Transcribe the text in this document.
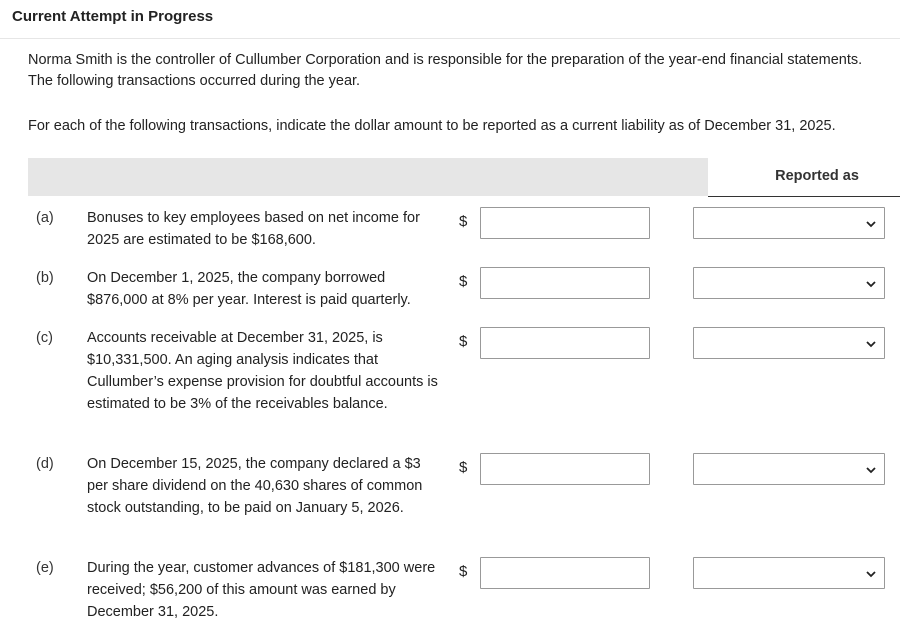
Current Attempt in Progress
Norma Smith is the controller of Cullumber Corporation and is responsible for the preparation of the year-end financial statements. The following transactions occurred during the year.
For each of the following transactions, indicate the dollar amount to be reported as a current liability as of December 31, 2025.
Reported as
(a) Bonuses to key employees based on net income for 2025 are estimated to be $168,600.
$
(b) On December 1, 2025, the company borrowed $876,000 at 8% per year. Interest is paid quarterly.
$
(c) Accounts receivable at December 31, 2025, is $10,331,500. An aging analysis indicates that Cullumber’s expense provision for doubtful accounts is estimated to be 3% of the receivables balance.
$
(d) On December 15, 2025, the company declared a $3 per share dividend on the 40,630 shares of common stock outstanding, to be paid on January 5, 2026.
$
(e) During the year, customer advances of $181,300 were received; $56,200 of this amount was earned by December 31, 2025.
$
